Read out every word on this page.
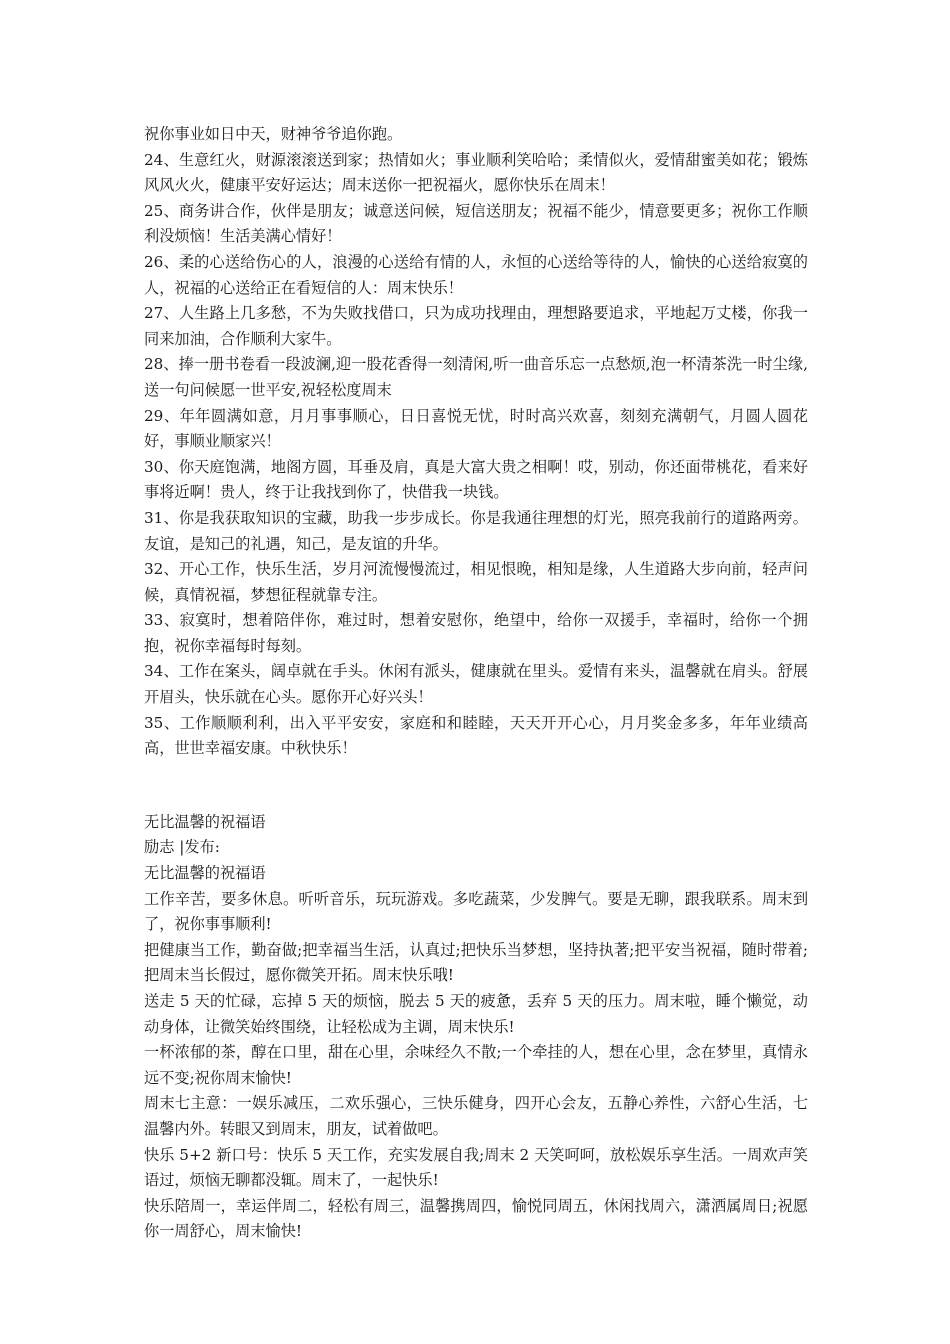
祝你事业如日中天，财神爷爷追你跑。

24、生意红火，财源滚滚送到家；热情如火；事业顺利笑哈哈；柔情似火，爱情甜蜜美如花；锻炼风风火火，健康平安好运达；周末送你一把祝福火，愿你快乐在周末！

25、商务讲合作，伙伴是朋友；诚意送问候，短信送朋友；祝福不能少，情意要更多；祝你工作顺利没烦恼！生活美满心情好！

26、柔的心送给伤心的人，浪漫的心送给有情的人，永恒的心送给等待的人，愉快的心送给寂寞的人，祝福的心送给正在看短信的人：周末快乐！

27、人生路上几多愁，不为失败找借口，只为成功找理由，理想路要追求，平地起万丈楼，你我一同来加油，合作顺利大家牛。

28、捧一册书卷看一段波澜,迎一股花香得一刻清闲,听一曲音乐忘一点愁烦,泡一杯清茶洗一时尘缘,送一句问候愿一世平安,祝轻松度周末

29、年年圆满如意，月月事事顺心，日日喜悦无忧，时时高兴欢喜，刻刻充满朝气，月圆人圆花好，事顺业顺家兴！

30、你天庭饱满，地阁方圆，耳垂及肩，真是大富大贵之相啊！哎，别动，你还面带桃花，看来好事将近啊！贵人，终于让我找到你了，快借我一块钱。

31、你是我获取知识的宝藏，助我一步步成长。你是我通往理想的灯光，照亮我前行的道路两旁。友谊，是知己的礼遇，知己，是友谊的升华。

32、开心工作，快乐生活，岁月河流慢慢流过，相见恨晚，相知是缘，人生道路大步向前，轻声问候，真情祝福，梦想征程就靠专注。

33、寂寞时，想着陪伴你，难过时，想着安慰你，绝望中，给你一双援手，幸福时，给你一个拥抱，祝你幸福每时每刻。

34、工作在案头，阔卓就在手头。休闲有派头，健康就在里头。爱情有来头，温馨就在肩头。舒展开眉头，快乐就在心头。愿你开心好兴头！

35、工作顺顺利利，出入平平安安，家庭和和睦睦，天天开开心心，月月奖金多多，年年业绩高高，世世幸福安康。中秋快乐！

无比温馨的祝福语

励志 |发布:

无比温馨的祝福语

工作辛苦，要多休息。听听音乐，玩玩游戏。多吃蔬菜，少发脾气。要是无聊，跟我联系。周末到了，祝你事事顺利!

把健康当工作，勤奋做;把幸福当生活，认真过;把快乐当梦想，坚持执著;把平安当祝福，随时带着;把周末当长假过，愿你微笑开拓。周末快乐哦!

送走 5 天的忙碌，忘掉 5 天的烦恼，脱去 5 天的疲惫，丢弃 5 天的压力。周末啦，睡个懒觉，动动身体，让微笑始终围绕，让轻松成为主调，周末快乐!

一杯浓郁的茶，醇在口里，甜在心里，余味经久不散;一个牵挂的人，想在心里，念在梦里，真情永远不变;祝你周末愉快!

周末七主意：一娱乐减压，二欢乐强心，三快乐健身，四开心会友，五静心养性，六舒心生活，七温馨内外。转眼又到周末，朋友，试着做吧。

快乐 5+2 新口号：快乐 5 天工作，充实发展自我;周末 2 天笑呵呵，放松娱乐享生活。一周欢声笑语过，烦恼无聊都没辄。周末了，一起快乐!

快乐陪周一，幸运伴周二，轻松有周三，温馨携周四，愉悦同周五，休闲找周六，潇洒属周日;祝愿你一周舒心，周末愉快!
